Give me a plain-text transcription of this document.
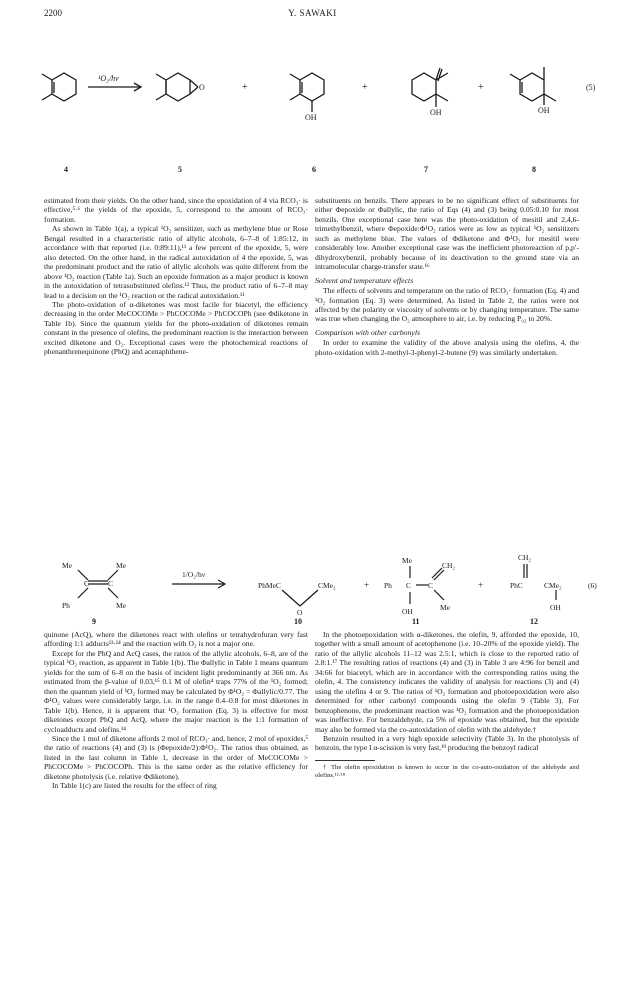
2200	Y. SAWAKI
¹O₂/hν
O	+	+	+
OH
OH	OH
(5)
4	5	6	7	8

estimated from their yields. On the other hand, since the epoxidation of 4 via RCO₃· is effective,⁵·⁶ the yields of the epoxide, 5, correspond to the amount of RCO₃· formation.

As shown in Table 1(a), a typical ¹O₂ sensitizer, such as methylene blue or Rose Bengal resulted in a characteristic ratio of allylic alcohols, 6–7–8 of 1:85:12, in accordance with that reported (i.e. 0:89:11),¹¹ a few percent of the epoxide, 5, were also detected. On the other hand, in the radical autoxidation of 4 the epoxide, 5, was the predominant product and the ratio of allylic alcohols was quite different from the above ¹O₂ reaction (Table 1a). Such an epoxide formation as a major product is known in the autoxidation of tetrasubstituted olefins.¹² Thus, the product ratio of 6–7–8 may lead to a decision on the ¹O₂ reaction or the radical autoxidation.¹¹

The photo-oxidation of α-diketones was most facile for biacetyl, the efficiency decreasing in the order MeCOCOMe > PhCOCOMe > PhCOCOPh (see Φdiketone in Table 1b). Since the quantum yields for the photo-oxidation of diketones remain constant in the presence of olefins, the predominant reaction is the interaction between excited diketone and O₂. Exceptional cases were the photochemical reactions of phenanthrenequinone (PhQ) and acenaphthene-

substituents on benzils. There appears to be no significant effect of substituents for either Φepoxide or Φallylic, the ratio of Eqs (4) and (3) being 0.05:0.10 for most benzils. One exceptional case here was the photo-oxidation of mesitil and 2,4,6-trimethylbenzil, where Φepoxide:Φ¹O₂ ratios were as low as typical ¹O₂ sensitizers such as methylene blue. The values of Φdiketone and Φ¹O₂ for mesitil were considerably low. Another exceptional case was the inefficient photoreaction of p,p′-dihydroxybenzil, probably because of its deactivation to the ground state via an intramolecular charge-transfer state.¹⁶

Solvent and temperature effects

The effects of solvents and temperature on the ratio of RCO₃· formation (Eq. 4) and ¹O₂ formation (Eq. 3) were determined. As listed in Table 2, the ratios were not affected by the polarity or viscosity of solvents or by changing temperature. The same was true when changing the O₂ atmosphere to air, i.e. by reducing P₀₂ to 20%.

Comparison with other carbonyls

In order to examine the validity of the above analysis using the olefins, 4, the photo-oxidation with 2-methyl-3-phenyl-2-butene (9) was similarly undertaken.

Me	Me
C	C
Ph	Me
1/O₂/hν
PhMeC	CMe₂
O
+ Ph
Me
C C
CH₂
Me
OH
+
CH₂
PhC	CMe₂
OH
(6)
9	10	11	12

quinone (AcQ), where the diketones react with olefins or tetrahydrofuran very fast affording 1:1 adducts¹³·¹⁴ and the reaction with O₂ is not a major one.

Except for the PhQ and AcQ cases, the ratios of the allylic alcohols, 6–8, are of the typical ¹O₂ reaction, as apparent in Table 1(b). The Φallylic in Table 1 means quantum yields for the sum of 6–8 on the basis of incident light predominantly at 366 nm. As estimated from the β-value of 0.03,¹⁵ 0.1 M of olefin⁴ traps 77% of the ¹O₂ formed; then the quantum yield of ¹O₂ formed may be calculated by Φ¹O₂ = Φallylic/0.77. The Φ¹O₂ values were considerably large, i.e. in the range 0.4–0.8 for most diketones in Table 1(b). Hence, it is apparent that ¹O₂ formation (Eq. 3) is effective for most diketones except PhQ and AcQ, where the major reaction is the 1:1 formation of cycloadducts and olefins.¹⁴

Since the 1 mol of diketone affords 2 mol of RCO₃· and, hence, 2 mol of epoxides,⁵ the ratio of reactions (4) and (3) is (Φepoxide/2):Φ¹O₂. The ratios thus obtained, as listed in the last column in Table 1, decrease in the order of MeCOCOMe > PhCOCOMe > PhCOCOPh. This is the same order as the relative efficiency for diketone photolysis (i.e. relative Φdiketone).

In Table 1(c) are listed the results for the effect of ring

In the photoepoxidation with α-diketones, the olefin, 9, afforded the epoxide, 10, together with a small amount of acetophenone (i.e. 10–20% of the epoxide yield). The ratio of the allylic alcohols 11–12 was 2.5:1, which is close to the reported ratio of 2.8:1.¹⁷ The resulting ratios of reactions (4) and (3) in Table 3 are 4:96 for benzil and 34:66 for biacetyl, which are in accordance with the corresponding ratios using the olefin, 4. The consistency indicates the validity of analysis for reactions (3) and (4) using the olefins 4 or 9. The ratios of ¹O₂ formation and photoepoxidation were also determined for other carbonyl compounds using the olefin 9 (Table 3). For benzophenone, the predominant reaction was ¹O₂ formation and the photoepoxidation was ineffective. For benzaldehyde, ca 5% of epoxide was obtained, but the epoxide may also be formed via the co-autoxidation of olefin with the aldehyde.†

Benzoin resulted in a very high epoxide selectivity (Table 3). In the photolysis of benzoin, the type I α-scission is very fast,¹⁹ producing the benzoyl radical

† The olefin epoxidation is known to occur in the co-auto-oxidation of the aldehyde and olefins.¹²·¹⁸
